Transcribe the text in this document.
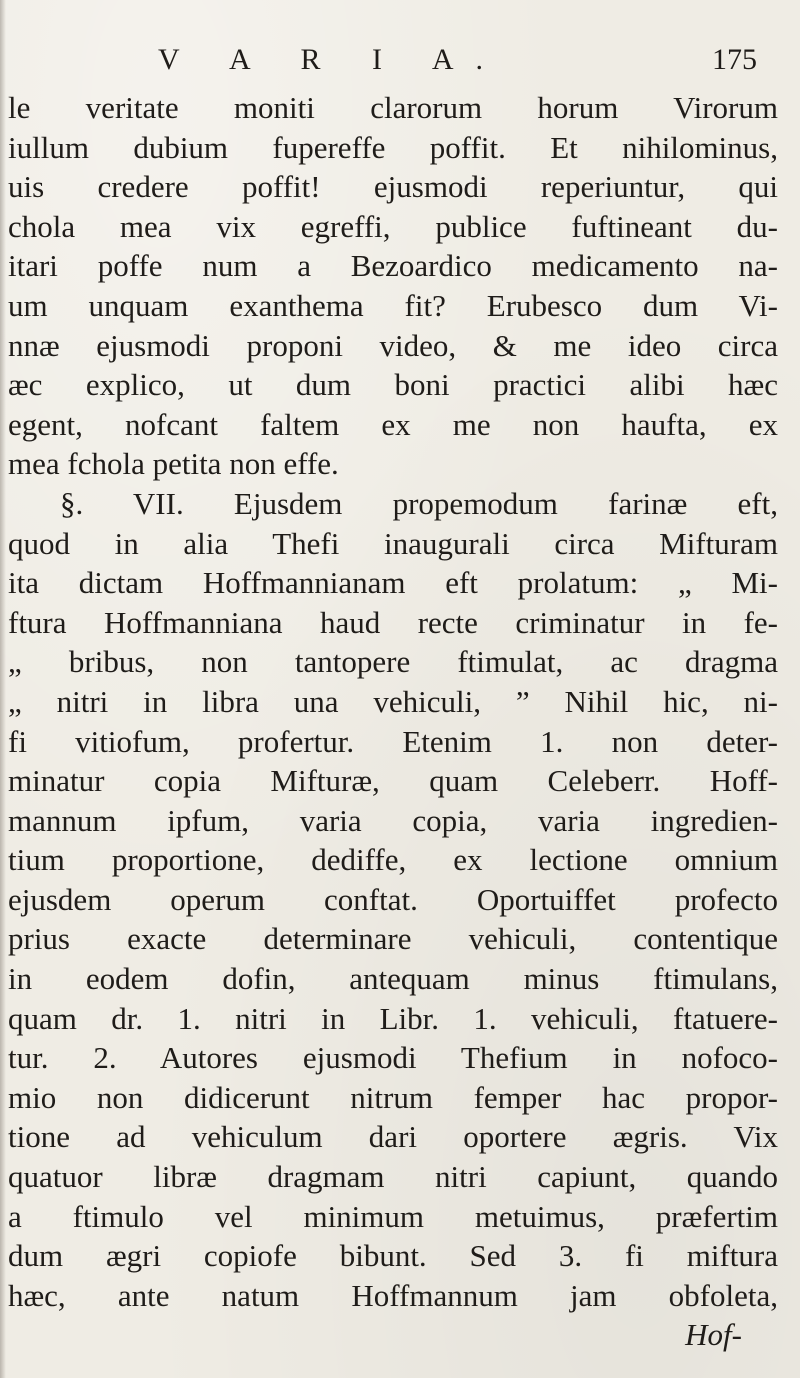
V A R I A.	175
le veritate moniti clarorum horum Virorum
iullum dubium fupereffe poffit. Et nihilominus,
uis credere poffit! ejusmodi reperiuntur, qui
chola mea vix egreffi, publice fuftineant du-
itari poffe num a Bezoardico medicamento na-
um unquam exanthema fit? Erubesco dum Vi-
nnæ ejusmodi proponi video, & me ideo circa
æc explico, ut dum boni practici alibi hæc
egent, nofcant faltem ex me non haufta, ex
mea fchola petita non effe.
§. VII. Ejusdem propemodum farinæ eft,
quod in alia Thefi inaugurali circa Mifturam
ita dictam Hoffmannianam eft prolatum: „ Mi-
ftura Hoffmanniana haud recte criminatur in fe-
„ bribus, non tantopere ftimulat, ac dragma
„ nitri in libra una vehiculi, ” Nihil hic, ni-
fi vitiofum, profertur. Etenim 1. non deter-
minatur copia Mifturæ, quam Celeberr. Hoff-
mannum ipfum, varia copia, varia ingredien-
tium proportione, dediffe, ex lectione omnium
ejusdem operum conftat. Oportuiffet profecto
prius exacte determinare vehiculi, contentique
in eodem dofin, antequam minus ftimulans,
quam dr. 1. nitri in Libr. 1. vehiculi, ftatuere-
tur. 2. Autores ejusmodi Thefium in nofoco-
mio non didicerunt nitrum femper hac propor-
tione ad vehiculum dari oportere ægris. Vix
quatuor libræ dragmam nitri capiunt, quando
a ftimulo vel minimum metuimus, præfertim
dum ægri copiofe bibunt. Sed 3. fi miftura
hæc, ante natum Hoffmannum jam obfoleta,
Hof-
